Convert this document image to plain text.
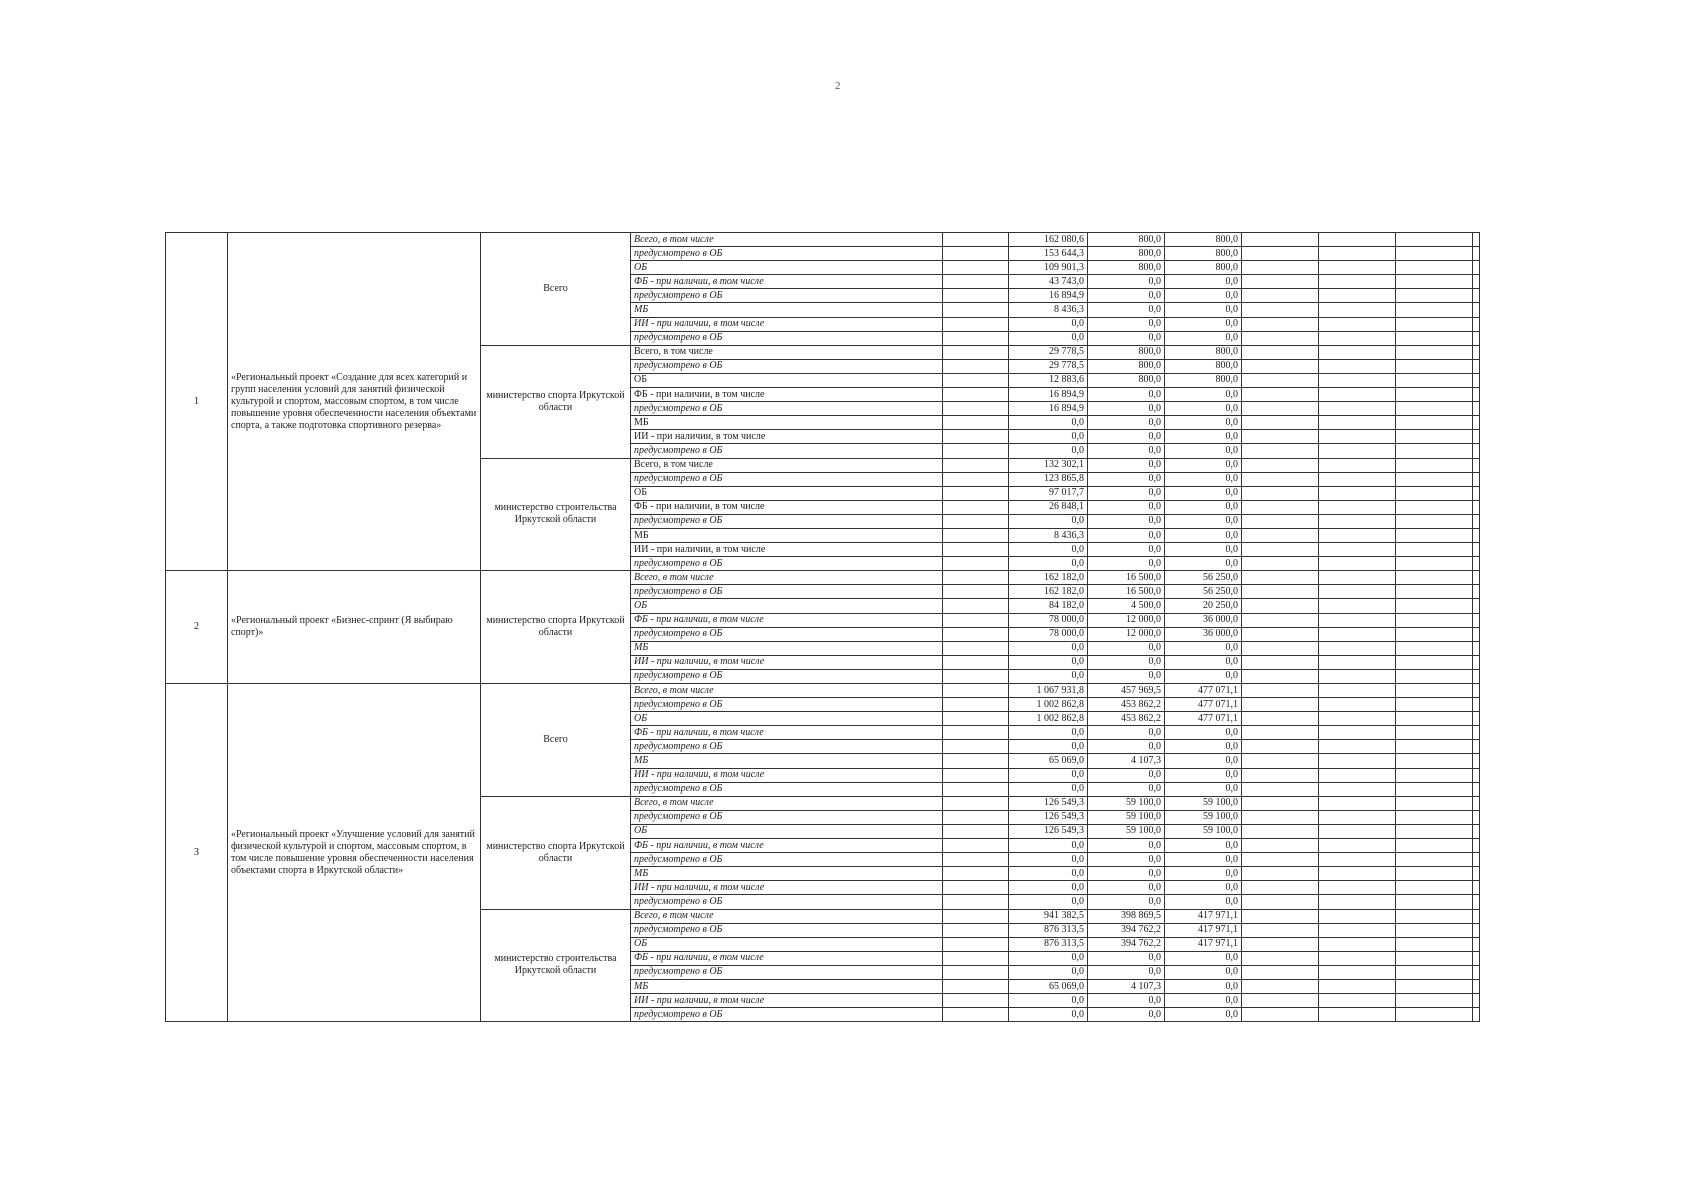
2
1	«Региональный проект «Создание для всех категорий и групп населения условий для занятий физической культурой и спортом, массовым спортом, в том числе повышение уровня обеспеченности населения объектами спорта, а также подготовка спортивного резерва»	Всего	Всего, в том числе		162 080,6	800,0	800,0				
			предусмотрено в ОБ		153 644,3	800,0	800,0				
			ОБ		109 901,3	800,0	800,0				
			ФБ - при наличии, в том числе		43 743,0	0,0	0,0				
			предусмотрено в ОБ		16 894,9	0,0	0,0				
			МБ		8 436,3	0,0	0,0				
			ИИ - при наличии, в том числе		0,0	0,0	0,0				
			предусмотрено в ОБ		0,0	0,0	0,0				
		министерство спорта Иркутской области	Всего, в том числе		29 778,5	800,0	800,0				
			предусмотрено в ОБ		29 778,5	800,0	800,0				
			ОБ		12 883,6	800,0	800,0				
			ФБ - при наличии, в том числе		16 894,9	0,0	0,0				
			предусмотрено в ОБ		16 894,9	0,0	0,0				
			МБ		0,0	0,0	0,0				
			ИИ - при наличии, в том числе		0,0	0,0	0,0				
			предусмотрено в ОБ		0,0	0,0	0,0				
		министерство строительства Иркутской области	Всего, в том числе		132 302,1	0,0	0,0				
			предусмотрено в ОБ		123 865,8	0,0	0,0				
			ОБ		97 017,7	0,0	0,0				
			ФБ - при наличии, в том числе		26 848,1	0,0	0,0				
			предусмотрено в ОБ		0,0	0,0	0,0				
			МБ		8 436,3	0,0	0,0				
			ИИ - при наличии, в том числе		0,0	0,0	0,0				
			предусмотрено в ОБ		0,0	0,0	0,0				
2	«Региональный проект «Бизнес-спринт (Я выбираю спорт)»	министерство спорта Иркутской области	Всего, в том числе		162 182,0	16 500,0	56 250,0				
			предусмотрено в ОБ		162 182,0	16 500,0	56 250,0				
			ОБ		84 182,0	4 500,0	20 250,0				
			ФБ - при наличии, в том числе		78 000,0	12 000,0	36 000,0				
			предусмотрено в ОБ		78 000,0	12 000,0	36 000,0				
			МБ		0,0	0,0	0,0				
			ИИ - при наличии, в том числе		0,0	0,0	0,0				
			предусмотрено в ОБ		0,0	0,0	0,0				
3	«Региональный проект «Улучшение условий для занятий физической культурой и спортом, массовым спортом, в том числе повышение уровня обеспеченности населения объектами спорта в Иркутской области»	Всего	Всего, в том числе		1 067 931,8	457 969,5	477 071,1				
			предусмотрено в ОБ		1 002 862,8	453 862,2	477 071,1				
			ОБ		1 002 862,8	453 862,2	477 071,1				
			ФБ - при наличии, в том числе		0,0	0,0	0,0				
			предусмотрено в ОБ		0,0	0,0	0,0				
			МБ		65 069,0	4 107,3	0,0				
			ИИ - при наличии, в том числе		0,0	0,0	0,0				
			предусмотрено в ОБ		0,0	0,0	0,0				
		министерство спорта Иркутской области	Всего, в том числе		126 549,3	59 100,0	59 100,0				
			предусмотрено в ОБ		126 549,3	59 100,0	59 100,0				
			ОБ		126 549,3	59 100,0	59 100,0				
			ФБ - при наличии, в том числе		0,0	0,0	0,0				
			предусмотрено в ОБ		0,0	0,0	0,0				
			МБ		0,0	0,0	0,0				
			ИИ - при наличии, в том числе		0,0	0,0	0,0				
			предусмотрено в ОБ		0,0	0,0	0,0				
		министерство строительства Иркутской области	Всего, в том числе		941 382,5	398 869,5	417 971,1				
			предусмотрено в ОБ		876 313,5	394 762,2	417 971,1				
			ОБ		876 313,5	394 762,2	417 971,1				
			ФБ - при наличии, в том числе		0,0	0,0	0,0				
			предусмотрено в ОБ		0,0	0,0	0,0				
			МБ		65 069,0	4 107,3	0,0				
			ИИ - при наличии, в том числе		0,0	0,0	0,0				
			предусмотрено в ОБ		0,0	0,0	0,0				
